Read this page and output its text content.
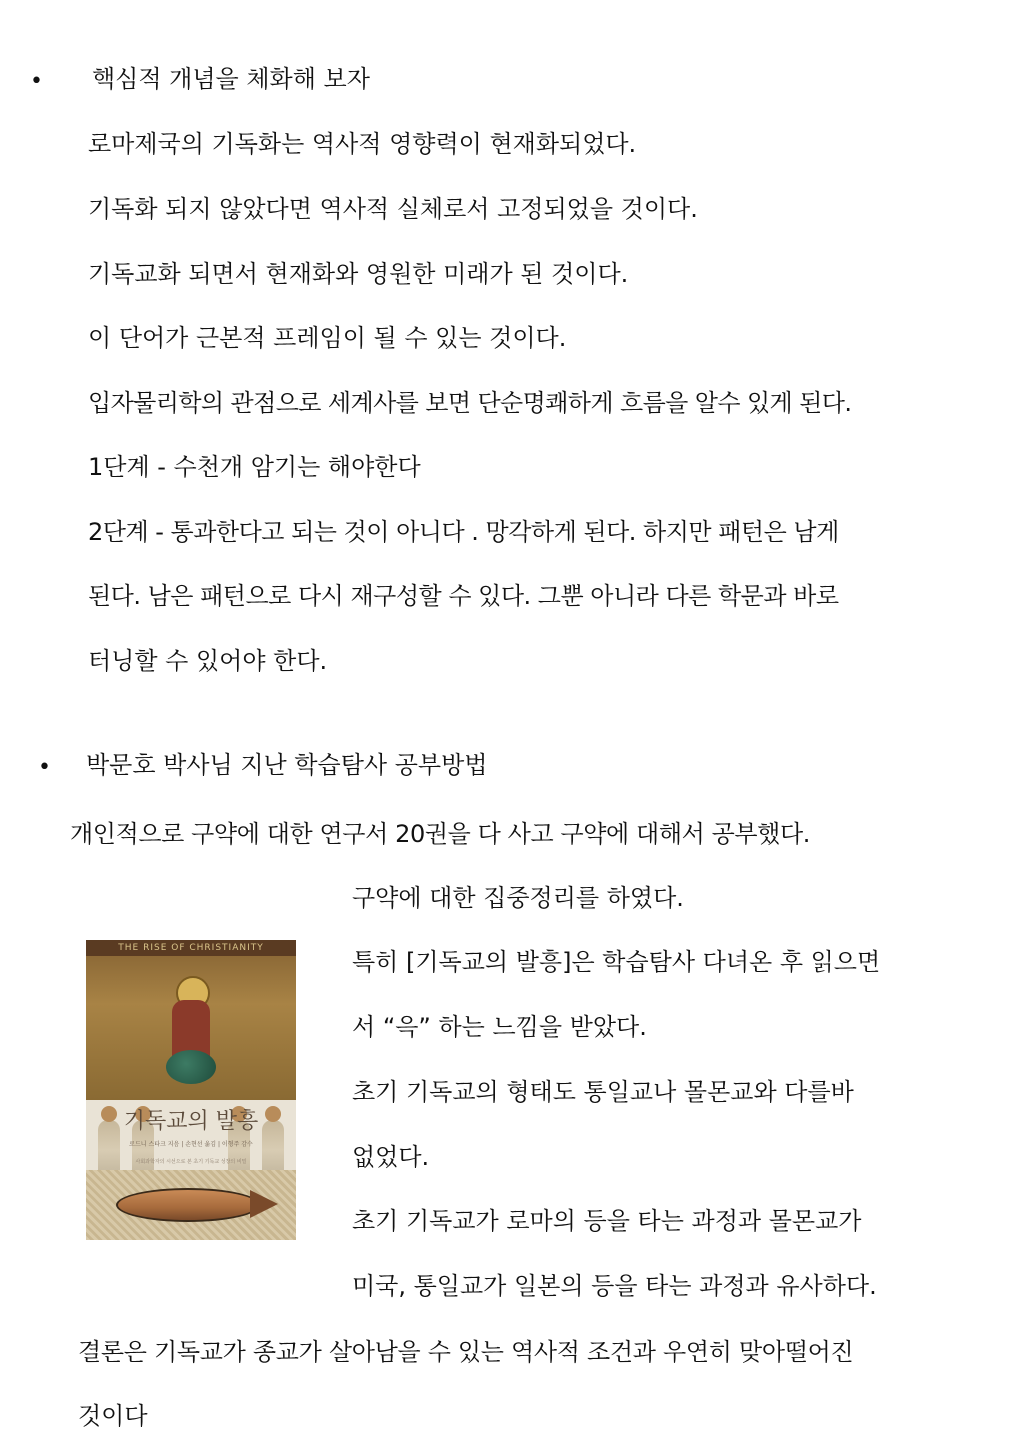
• 핵심적 개념을 체화해 보자
로마제국의 기독화는 역사적 영향력이 현재화되었다.
기독화 되지 않았다면 역사적 실체로서 고정되었을 것이다.
기독교화 되면서 현재화와 영원한 미래가 된 것이다.
이 단어가 근본적 프레임이 될 수 있는 것이다.
입자물리학의 관점으로 세계사를 보면 단순명쾌하게 흐름을 알수 있게 된다.
1단계 - 수천개 암기는 해야한다
2단계 - 통과한다고 되는 것이 아니다 . 망각하게 된다. 하지만 패턴은 남게
된다. 남은 패턴으로 다시 재구성할 수 있다. 그뿐 아니라 다른 학문과 바로
터닝할 수 있어야 한다.
• 박문호 박사님 지난 학습탐사 공부방법
개인적으로 구약에 대한 연구서 20권을 다 사고 구약에 대해서 공부했다.
THE RISE OF CHRISTIANITY
기독교의 발흥
로드니 스타크 지음 | 손현선 옮김 | 이형주 감수
사회과학자의 시선으로 본 초기 기독교 성장의 비밀
구약에 대한 집중정리를 하였다.
특히 [기독교의 발흥]은 학습탐사 다녀온 후 읽으면
서 “윽” 하는 느낌을 받았다.
초기 기독교의 형태도 통일교나 몰몬교와 다를바
없었다.
초기 기독교가 로마의 등을 타는 과정과 몰몬교가
미국, 통일교가 일본의 등을 타는 과정과 유사하다.
결론은 기독교가 종교가 살아남을 수 있는 역사적 조건과 우연히 맞아떨어진
것이다
